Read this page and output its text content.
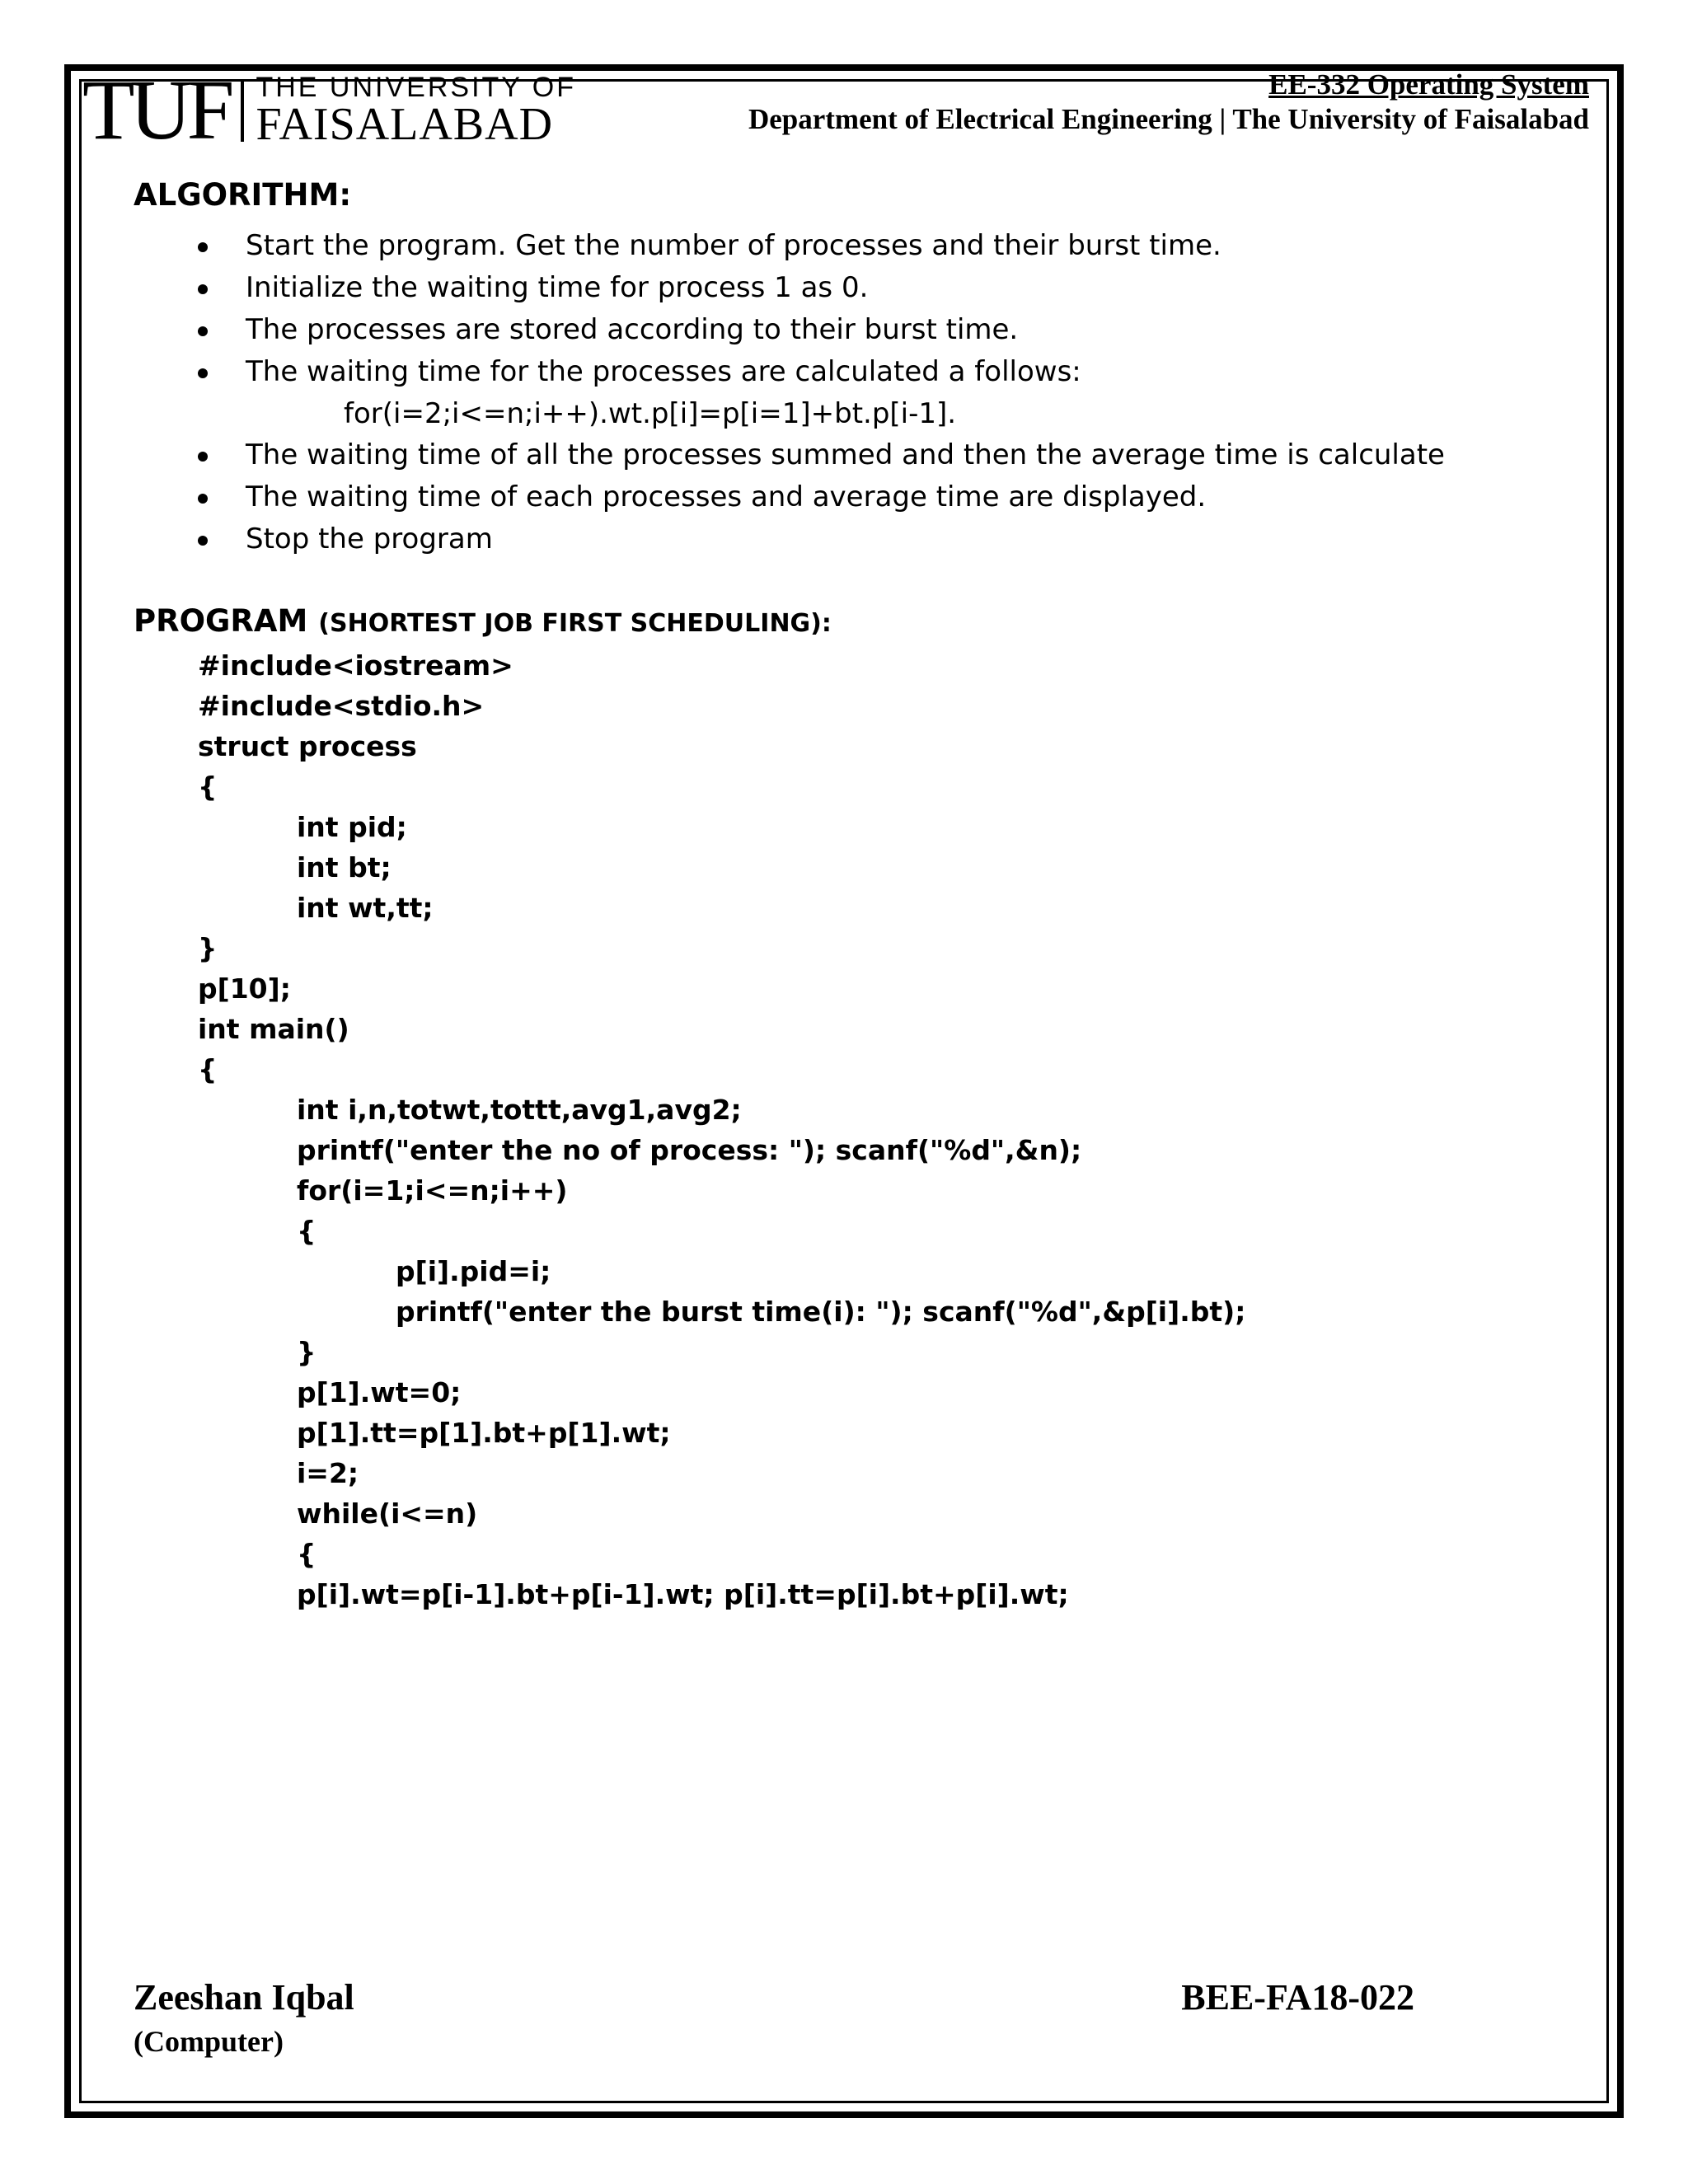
TUF THE UNIVERSITY OF
FAISALABAD
EE-332 Operating System
Department of Electrical Engineering | The University of Faisalabad
ALGORITHM:
Start the program. Get the number of processes and their burst time.
Initialize the waiting time for process 1 as 0.
The processes are stored according to their burst time.
The waiting time for the processes are calculated a follows:
for(i=2;i<=n;i++).wt.p[i]=p[i=1]+bt.p[i-1].
The waiting time of all the processes summed and then the average time is calculate
The waiting time of each processes and average time are displayed.
Stop the program
PROGRAM (SHORTEST JOB FIRST SCHEDULING):
#include<iostream>
#include<stdio.h>
struct process
{
int pid;
int bt;
int wt,tt;
}
p[10];
int main()
{
int i,n,totwt,tottt,avg1,avg2;
printf("enter the no of process: "); scanf("%d",&n);
for(i=1;i<=n;i++)
{
p[i].pid=i;
printf("enter the burst time(i): "); scanf("%d",&p[i].bt);
}
p[1].wt=0;
p[1].tt=p[1].bt+p[1].wt;
i=2;
while(i<=n)
{
p[i].wt=p[i-1].bt+p[i-1].wt; p[i].tt=p[i].bt+p[i].wt;
Zeeshan Iqbal
(Computer)
BEE-FA18-022
